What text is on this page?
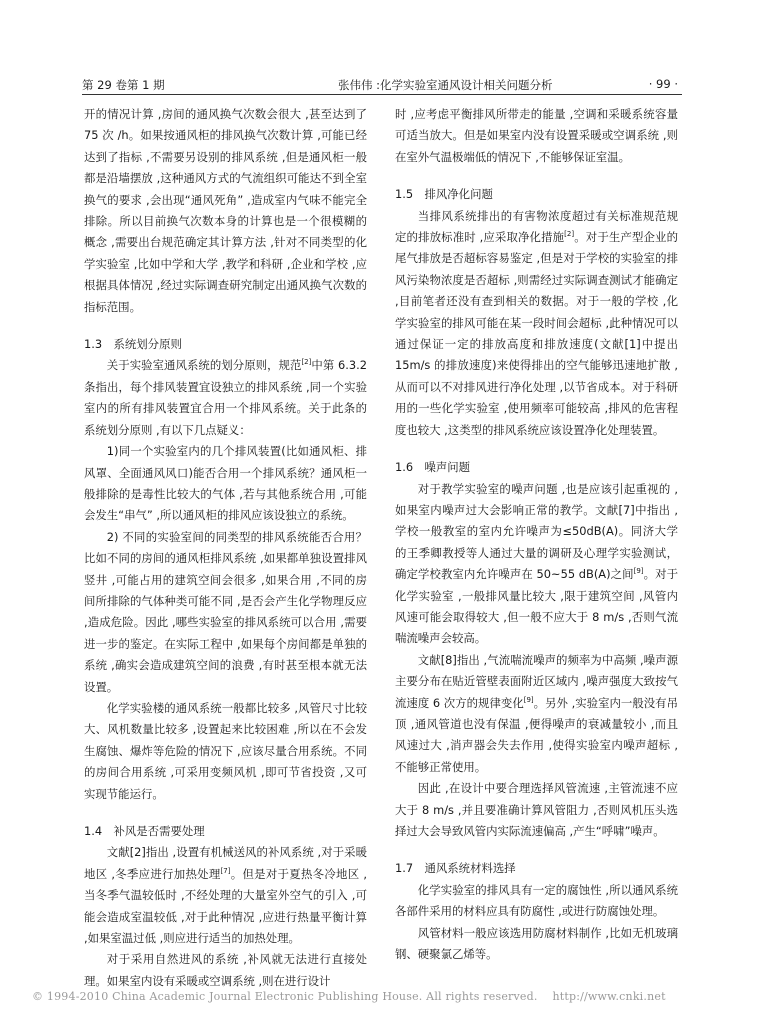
第 29 卷第 1 期	张伟伟 :化学实验室通风设计相关问题分析	· 99 ·

开的情况计算 ,房间的通风换气次数会很大 ,甚至达到了 75 次 /h。如果按通风柜的排风换气次数计算 ,可能已经达到了指标 ,不需要另设别的排风系统 ,但是通风柜一般都是沿墙摆放 ,这种通风方式的气流组织可能达不到全室换气的要求 ,会出现“通风死角” ,造成室内气味不能完全排除。所以目前换气次数本身的计算也是一个很模糊的概念 ,需要出台规范确定其计算方法 ,针对不同类型的化学实验室 ,比如中学和大学 ,教学和科研 ,企业和学校 ,应根据具体情况 ,经过实际调查研究制定出通风换气次数的指标范围。

1.3　系统划分原则

关于实验室通风系统的划分原则，规范[2]中第 6.3.2 条指出，每个排风装置宜设独立的排风系统 ,同一个实验室内的所有排风装置宜合用一个排风系统。关于此条的系统划分原则 ,有以下几点疑义：

1)同一个实验室内的几个排风装置(比如通风柜、排风罩、全面通风风口)能否合用一个排风系统？通风柜一般排除的是毒性比较大的气体 ,若与其他系统合用 ,可能会发生“串气” ,所以通风柜的排风应该设独立的系统。

2) 不同的实验室间的同类型的排风系统能否合用？比如不同的房间的通风柜排风系统 ,如果都单独设置排风竖井 ,可能占用的建筑空间会很多 ,如果合用 ,不同的房间所排除的气体种类可能不同 ,是否会产生化学物理反应 ,造成危险。因此 ,哪些实验室的排风系统可以合用 ,需要进一步的鉴定。在实际工程中 ,如果每个房间都是单独的系统 ,确实会造成建筑空间的浪费 ,有时甚至根本就无法设置。

化学实验楼的通风系统一般都比较多 ,风管尺寸比较大、风机数量比较多 ,设置起来比较困难 ,所以在不会发生腐蚀、爆炸等危险的情况下 ,应该尽量合用系统。不同的房间合用系统 ,可采用变频风机 ,即可节省投资 ,又可实现节能运行。

1.4　补风是否需要处理

文献[2]指出 ,设置有机械送风的补风系统 ,对于采暖地区 ,冬季应进行加热处理[7]。但是对于夏热冬冷地区 ,当冬季气温较低时 ,不经处理的大量室外空气的引入 ,可能会造成室温较低 ,对于此种情况 ,应进行热量平衡计算 ,如果室温过低 ,则应进行适当的加热处理。

对于采用自然进风的系统 ,补风就无法进行直接处理。如果室内设有采暖或空调系统 ,则在进行设计

时 ,应考虑平衡排风所带走的能量 ,空调和采暖系统容量可适当放大。但是如果室内没有设置采暖或空调系统 ,则在室外气温极端低的情况下 ,不能够保证室温。

1.5　排风净化问题

当排风系统排出的有害物浓度超过有关标准规范规定的排放标准时 ,应采取净化措施[2]。对于生产型企业的尾气排放是否超标容易鉴定 ,但是对于学校的实验室的排风污染物浓度是否超标 ,则需经过实际调查测试才能确定 ,目前笔者还没有查到相关的数据。对于一般的学校 ,化学实验室的排风可能在某一段时间会超标 ,此种情况可以通过保证一定的排放高度和排放速度(文献[1]中提出 15m/s 的排放速度)来使得排出的空气能够迅速地扩散 ,从而可以不对排风进行净化处理 ,以节省成本。对于科研用的一些化学实验室 ,使用频率可能较高 ,排风的危害程度也较大 ,这类型的排风系统应该设置净化处理装置。

1.6　噪声问题

对于教学实验室的噪声问题 ,也是应该引起重视的 ,如果室内噪声过大会影响正常的教学。文献[7]中指出 ,学校一般教室的室内允许噪声为≤50dB(A)。同济大学的王季卿教授等人通过大量的调研及心理学实验测试，确定学校教室内允许噪声在 50~55 dB(A)之间[9]。对于化学实验室 ,一般排风量比较大 ,限于建筑空间 ,风管内风速可能会取得较大 ,但一般不应大于 8 m/s ,否则气流喘流噪声会较高。

文献[8]指出 ,气流喘流噪声的频率为中高频 ,噪声源主要分布在贴近管壁表面附近区域内 ,噪声强度大致按气流速度 6 次方的规律变化[9]。另外 ,实验室内一般没有吊顶 ,通风管道也没有保温 ,便得噪声的衰减量较小 ,而且风速过大 ,消声器会失去作用 ,使得实验室内噪声超标 ,不能够正常使用。

因此 ,在设计中要合理选择风管流速 ,主管流速不应大于 8 m/s ,并且要准确计算风管阻力 ,否则风机压头选择过大会导致风管内实际流速偏高 ,产生“呼啸”噪声。

1.7　通风系统材料选择

化学实验室的排风具有一定的腐蚀性 ,所以通风系统各部件采用的材料应具有防腐性 ,或进行防腐蚀处理。

风管材料一般应该选用防腐材料制作 ,比如无机玻璃钢、硬聚氯乙烯等。

© 1994-2010 China Academic Journal Electronic Publishing House. All rights reserved.　 http://www.cnki.net
